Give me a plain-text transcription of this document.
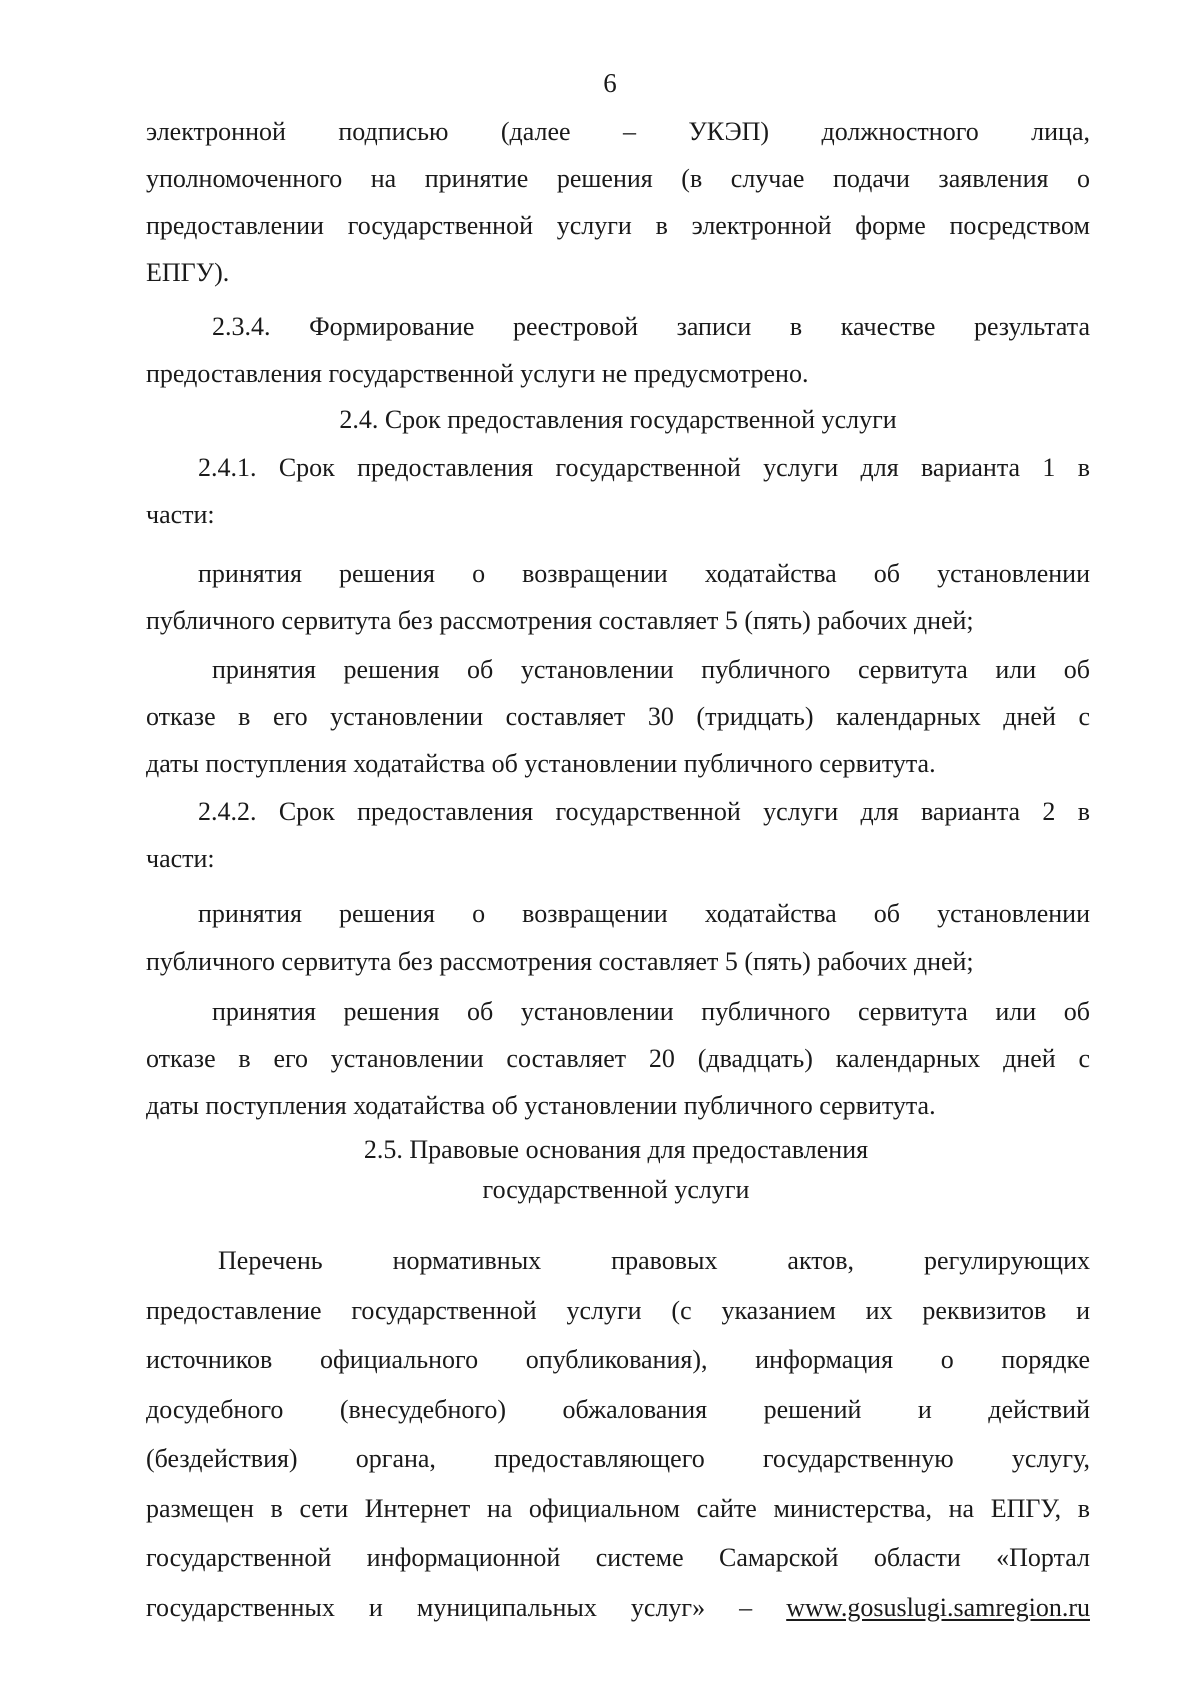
6

электронной подписью (далее – УКЭП) должностного лица,

уполномоченного на принятие решения (в случае подачи заявления о

предоставлении государственной услуги в электронной форме посредством

ЕПГУ).

2.3.4. Формирование реестровой записи в качестве результата

предоставления государственной услуги не предусмотрено.

2.4. Срок предоставления государственной услуги

2.4.1. Срок предоставления государственной услуги для варианта 1 в

части:

принятия решения о возвращении ходатайства об установлении

публичного сервитута без рассмотрения составляет 5 (пять) рабочих дней;

принятия решения об установлении публичного сервитута или об

отказе в его установлении составляет 30 (тридцать) календарных дней с

даты поступления ходатайства об установлении публичного сервитута.

2.4.2. Срок предоставления государственной услуги для варианта 2 в

части:

принятия решения о возвращении ходатайства об установлении

публичного сервитута без рассмотрения составляет 5 (пять) рабочих дней;

принятия решения об установлении публичного сервитута или об

отказе в его установлении составляет 20 (двадцать) календарных дней с

даты поступления ходатайства об установлении публичного сервитута.

2.5. Правовые основания для предоставления

государственной услуги

Перечень нормативных правовых актов, регулирующих

предоставление государственной услуги (с указанием их реквизитов и

источников официального опубликования), информация о порядке

досудебного (внесудебного) обжалования решений и действий

(бездействия) органа, предоставляющего государственную услугу,

размещен в сети Интернет на официальном сайте министерства, на ЕПГУ, в

государственной информационной системе Самарской области «Портал

государственных и муниципальных услуг» – www.gosuslugi.samregion.ru
